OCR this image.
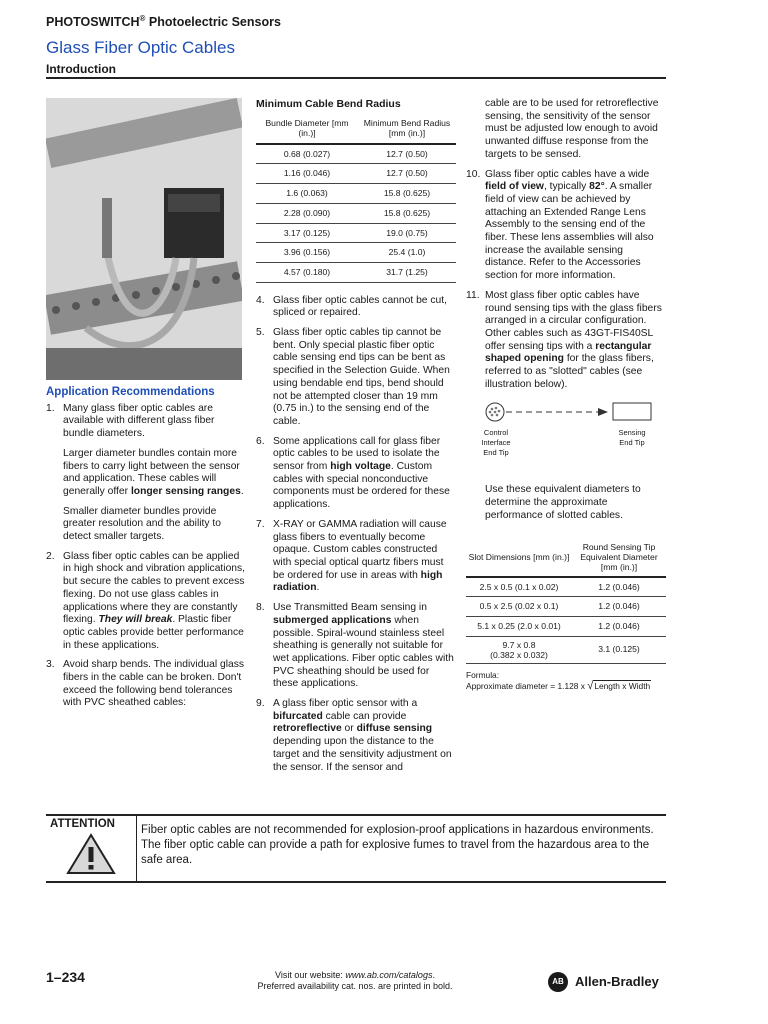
PHOTOSWITCH® Photoelectric Sensors
Glass Fiber Optic Cables
Introduction

Application Recommendations

1. Many glass fiber optic cables are available with different glass fiber bundle diameters.

Larger diameter bundles contain more fibers to carry light between the sensor and application. These cables will generally offer longer sensing ranges.

Smaller diameter bundles provide greater resolution and the ability to detect smaller targets.

2. Glass fiber optic cables can be applied in high shock and vibration applications, but secure the cables to prevent excess flexing. Do not use glass cables in applications where they are constantly flexing. They will break. Plastic fiber optic cables provide better performance in these applications.

3. Avoid sharp bends. The individual glass fibers in the cable can be broken. Don't exceed the following bend tolerances with PVC sheathed cables:

Minimum Cable Bend Radius

Bundle Diameter [mm (in.)]	Minimum Bend Radius [mm (in.)]
0.68 (0.027)	12.7 (0.50)
1.16 (0.046)	12.7 (0.50)
1.6 (0.063)	15.8 (0.625)
2.28 (0.090)	15.8 (0.625)
3.17 (0.125)	19.0 (0.75)
3.96 (0.156)	25.4 (1.0)
4.57 (0.180)	31.7 (1.25)

4. Glass fiber optic cables cannot be cut, spliced or repaired.

5. Glass fiber optic cables tip cannot be bent. Only special plastic fiber optic cable sensing end tips can be bent as specified in the Selection Guide. When using bendable end tips, bend should not be attempted closer than 19 mm (0.75 in.) to the sensing end of the cable.

6. Some applications call for glass fiber optic cables to be used to isolate the sensor from high voltage. Custom cables with special nonconductive components must be ordered for these applications.

7. X-RAY or GAMMA radiation will cause glass fibers to eventually become opaque. Custom cables constructed with special optical quartz fibers must be ordered for use in areas with high radiation.

8. Use Transmitted Beam sensing in submerged applications when possible. Spiral-wound stainless steel sheathing is generally not suitable for wet applications. Fiber optic cables with PVC sheathing should be used for these applications.

9. A glass fiber optic sensor with a bifurcated cable can provide retroreflective or diffuse sensing depending upon the distance to the target and the sensitivity adjustment on the sensor. If the sensor and

cable are to be used for retroreflective sensing, the sensitivity of the sensor must be adjusted low enough to avoid unwanted diffuse response from the targets to be sensed.

10. Glass fiber optic cables have a wide field of view, typically 82°. A smaller field of view can be achieved by attaching an Extended Range Lens Assembly to the sensing end of the fiber. These lens assemblies will also increase the available sensing distance. Refer to the Accessories section for more information.

11. Most glass fiber optic cables have round sensing tips with the glass fibers arranged in a circular configuration. Other cables such as 43GT-FIS40SL offer sensing tips with a rectangular shaped opening for the glass fibers, referred to as "slotted" cables (see illustration below).

Control
Interface
End Tip
Sensing
End Tip

Use these equivalent diameters to determine the approximate performance of slotted cables.

Slot Dimensions [mm (in.)]	Round Sensing Tip Equivalent Diameter [mm (in.)]
2.5 x 0.5 (0.1 x 0.02)	1.2 (0.046)
0.5 x 2.5 (0.02 x 0.1)	1.2 (0.046)
5.1 x 0.25 (2.0 x 0.01)	1.2 (0.046)

9.7 x 0.8
(0.382 x 0.032)	3.1 (0.125)
Formula:
Approximate diameter = 1.128 x √Length x Width
ATTENTION Fiber optic cables are not recommended for explosion-proof applications in hazardous environments. The fiber optic cable can provide a path for explosive fumes to travel from the hazardous area to the safe area.
1–234	Visit our website: www.ab.com/catalogs.
Preferred availability cat. nos. are printed in bold.	AB Allen-Bradley
